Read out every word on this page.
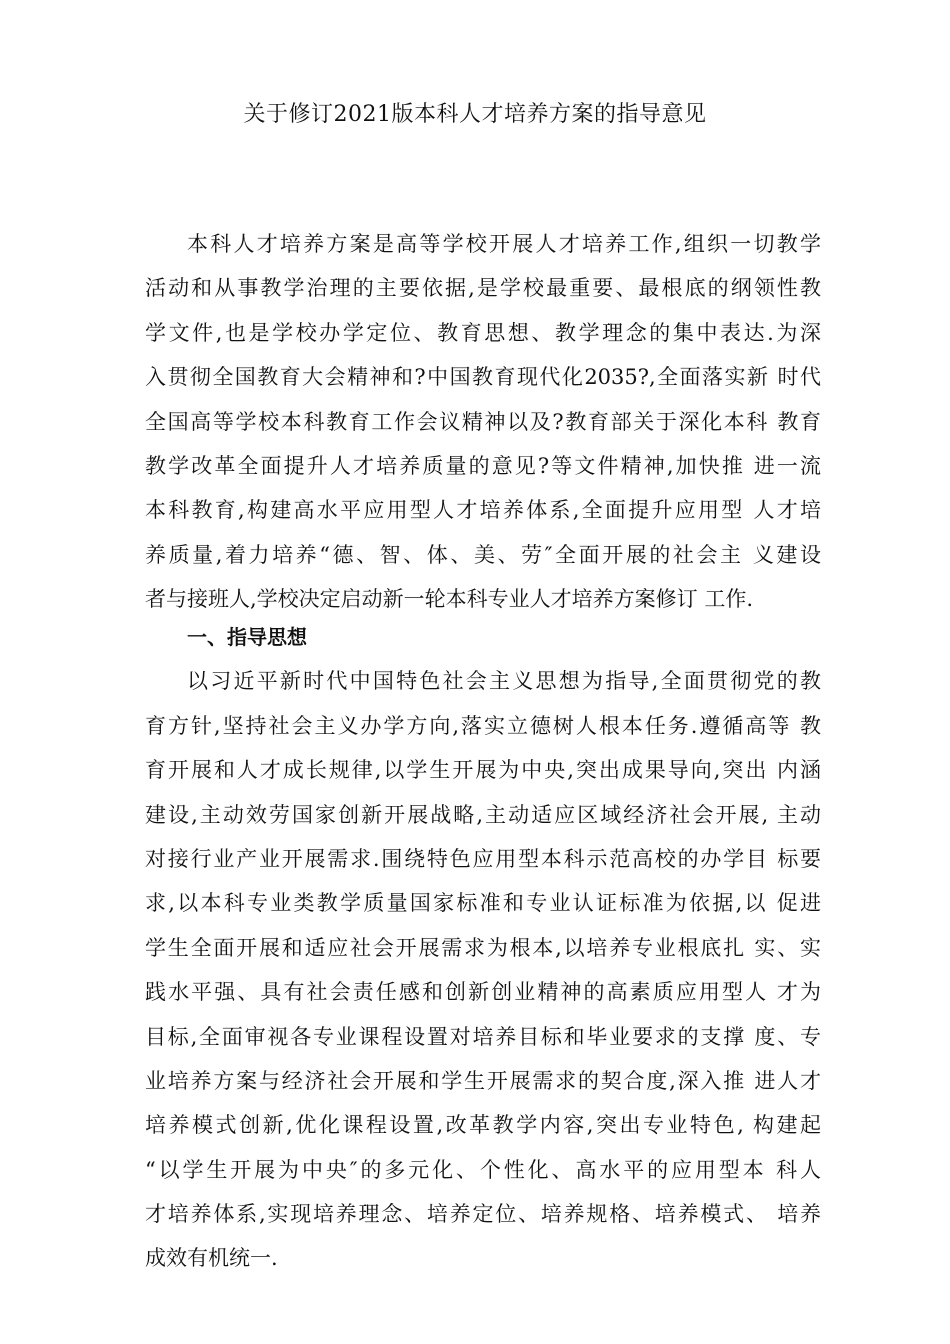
关于修订2021版本科人才培养方案的指导意见
本科人才培养方案是高等学校开展人才培养工作,组织一切教学
活动和从事教学治理的主要依据,是学校最重要、最根底的纲领性教
学文件,也是学校办学定位、教育思想、教学理念的集中表达.为深
入贯彻全国教育大会精神和?中国教育现代化2035?,全面落实新 时代
全国高等学校本科教育工作会议精神以及?教育部关于深化本科 教育
教学改革全面提升人才培养质量的意见?等文件精神,加快推 进一流
本科教育,构建高水平应用型人才培养体系,全面提升应用型 人才培
养质量,着力培养“德、智、体、美、劳″全面开展的社会主 义建设
者与接班人,学校决定启动新一轮本科专业人才培养方案修订 工作.
一、指导思想
以习近平新时代中国特色社会主义思想为指导,全面贯彻党的教
育方针,坚持社会主义办学方向,落实立德树人根本任务.遵循高等 教
育开展和人才成长规律,以学生开展为中央,突出成果导向,突出 内涵
建设,主动效劳国家创新开展战略,主动适应区域经济社会开展, 主动
对接行业产业开展需求.围绕特色应用型本科示范高校的办学目 标要
求,以本科专业类教学质量国家标准和专业认证标准为依据,以 促进
学生全面开展和适应社会开展需求为根本,以培养专业根底扎 实、实
践水平强、具有社会责任感和创新创业精神的高素质应用型人 才为
目标,全面审视各专业课程设置对培养目标和毕业要求的支撑 度、专
业培养方案与经济社会开展和学生开展需求的契合度,深入推 进人才
培养模式创新,优化课程设置,改革教学内容,突出专业特色, 构建起
“以学生开展为中央″的多元化、个性化、高水平的应用型本 科人
才培养体系,实现培养理念、培养定位、培养规格、培养模式、 培养
成效有机统一.
